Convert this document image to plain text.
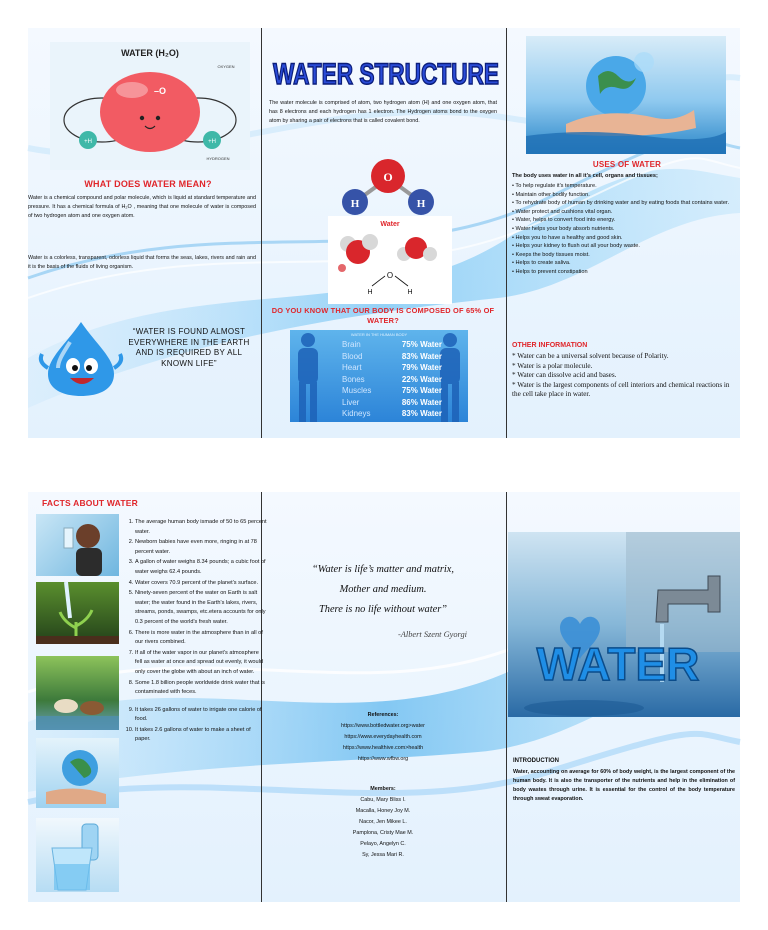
WATER (H₂O)
–O
+H	+H
OXYGEN
HYDROGEN
WHAT DOES WATER MEAN?
Water is a chemical compound and polar molecule, which is liquid at standard temperature and pressure. It has a chemical formula of H₂O , meaning that one molecule of water is composed of two hydrogen atom and one oxygen atom.
Water is a colorless, transparent, odorless liquid that forms the seas, lakes, rivers and rain and it is the basis of the fluids of living organism.
“WATER IS FOUND ALMOST EVERYWHERE IN THE EARTH AND IS REQUIRED BY ALL KNOWN LIFE”
WATER STRUCTURE
The water molecule is comprised of atom, two hydrogen atom (H) and one oxygen atom, that has 8 electrons and each hydrogen has 1 electron. The Hydrogen atoms bond to the oxygen atom by sharing a pair of electrons that is called covalent bond.
O
H	H
Water
O
H	H
DO YOU KNOW THAT OUR BODY IS COMPOSED OF 65% OF WATER?
WATER IN THE HUMAN BODY
Brain	75% Water
Blood	83% Water
Heart	79% Water
Bones	22% Water
Muscles	75% Water
Liver	86% Water
Kidneys	83% Water
USES OF WATER
The body uses water in all it's cell, organs and tissues;
• To help regulate it's temperature.
• Maintain other bodily function.
• To rehydrate body of human by drinking water and by eating foods that contains water.
• Water protect and cushions vital organ.
• Water, helps to convert food into energy.
• Water helps your body absorb nutrients.
• Helps you to have a healthy and good skin.
• Helps your kidney to flush out all your body waste.
• Keeps the body tissues moist.
• Helps to create saliva.
• Helps to prevent constipation
OTHER INFORMATION
* Water can be a universal solvent because of Polarity.
* Water is a polar molecule.
* Water can dissolve acid and bases.
* Water is the largest components of cell interiors and chemical reactions in the cell take place in water.
FACTS ABOUT WATER
1. The average human body ismade of 50 to 65 percent water.
2. Newborn babies have even more, ringing in at 78 percent water.
3. A gallon of water weighs 8.34 pounds; a cubic foot of water weighs 62.4 pounds.
4. Water covers 70.9 percent of the planet's surface.
5. Ninety-seven percent of the water on Earth is salt water; the water found in the Earth's lakes, rivers, streams, ponds, swamps, etc.etera accounts for only 0.3 percent of the world's fresh water.
6. There is more water in the atmosphere than in all of our rivers combined.
7. If all of the water vapor in our planet's atmosphere fell as water at once and spread out evenly, it would only cover the globe with about an inch of water.
8. Some 1.8 billion people worldwide drink water that is contaminated with feces.
9. It takes 26 gallons of water to irrigate one calorie of food.
10. It takes 2.6 gallons of water to make a sheet of paper.
“Water is life’s matter and matrix,
Mother and medium.
There is no life without water”
-Albert Szent Gyorgi
References:
https://www.bottledwater.org>water
https://www.everydayhealth.com
https://www.healthive.com>health
https://www.wfbw.org
Members:
Cabu, Mary Bliss I.
Macalla, Honey Joy M.
Nacor, Jen Mikee L.
Pamplona, Cristy Mae M.
Pelayo, Angelyn C.
Sy, Jessa Mari R.
WATER
INTRODUCTION
Water, accounting on average for 60% of body weight, is the largest component of the human body. It is also the transporter of the nutrients and help in the elimination of body wastes through urine. It is essential for the control of the body temperature through sweat evaporation.
